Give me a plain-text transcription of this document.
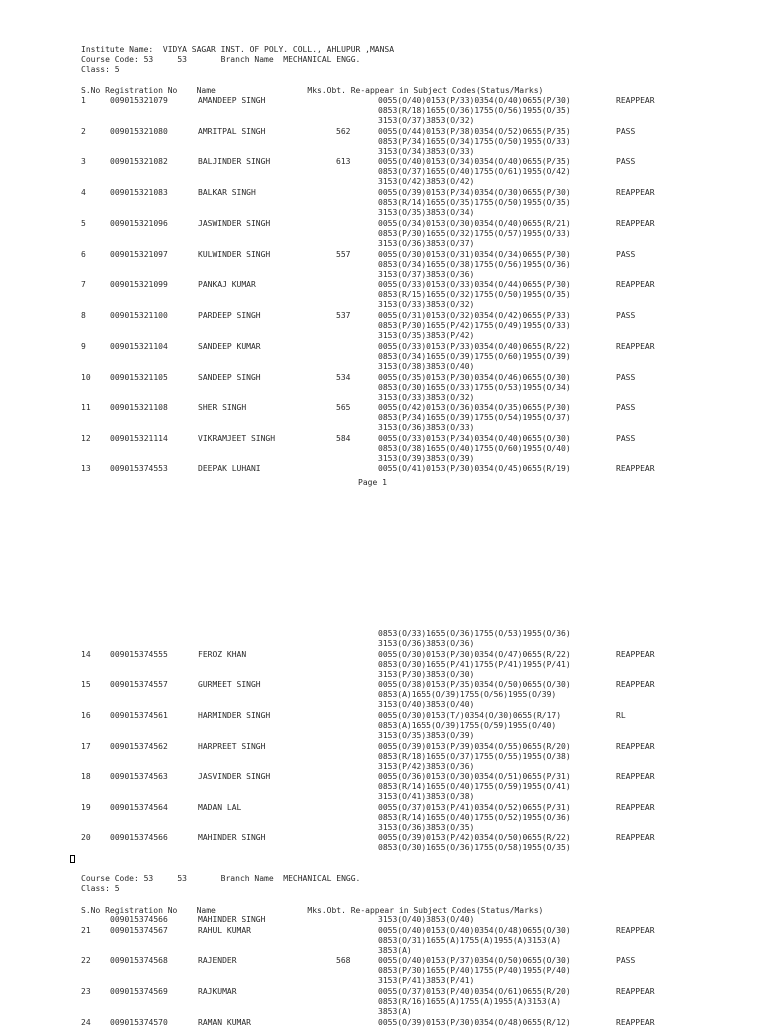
Institute Name:  VIDYA SAGAR INST. OF POLY. COLL., AHLUPUR ,MANSA
Course Code: 53     53       Branch Name  MECHANICAL ENGG.
Class: 5
S.No Registration No    Name                   Mks.Obt. Re-appear in Subject Codes(Status/Marks)
1	009015321079	AMANDEEP SINGH	0055(O/40)0153(P/33)0354(O/40)0655(P/30)
0853(R/18)1655(O/36)1755(O/56)1955(O/35)
3153(O/37)3853(O/32)
REAPPEAR
2	009015321080	AMRITPAL SINGH	562	0055(O/44)0153(P/38)0354(O/52)0655(P/35)
0853(P/34)1655(O/34)1755(O/50)1955(O/33)
3153(O/34)3853(O/33)
PASS
3	009015321082	BALJINDER SINGH	613	0055(O/40)0153(O/34)0354(O/40)0655(P/35)
0853(O/37)1655(O/40)1755(O/61)1955(O/42)
3153(O/42)3853(O/42)
PASS
4	009015321083	BALKAR SINGH	0055(O/39)0153(P/34)0354(O/30)0655(P/30)
0853(R/14)1655(O/35)1755(O/50)1955(O/35)
3153(O/35)3853(O/34)
REAPPEAR
5	009015321096	JASWINDER SINGH	0055(O/34)0153(O/30)0354(O/40)0655(R/21)
0853(P/30)1655(O/32)1755(O/57)1955(O/33)
3153(O/36)3853(O/37)
REAPPEAR
6	009015321097	KULWINDER SINGH	557	0055(O/30)0153(O/31)0354(O/34)0655(P/30)
0853(O/34)1655(O/38)1755(O/56)1955(O/36)
3153(O/37)3853(O/36)
PASS
7	009015321099	PANKAJ KUMAR	0055(O/33)0153(O/33)0354(O/44)0655(P/30)
0853(R/15)1655(O/32)1755(O/50)1955(O/35)
3153(O/33)3853(O/32)
REAPPEAR
8	009015321100	PARDEEP SINGH	537	0055(O/31)0153(O/32)0354(O/42)0655(P/33)
0853(P/30)1655(P/42)1755(O/49)1955(O/33)
3153(O/35)3853(P/42)
PASS
9	009015321104	SANDEEP KUMAR	0055(O/33)0153(P/33)0354(O/40)0655(R/22)
0853(O/34)1655(O/39)1755(O/60)1955(O/39)
3153(O/38)3853(O/40)
REAPPEAR
10 009015321105	SANDEEP SINGH	534	0055(O/35)0153(P/30)0354(O/46)0655(O/30)
0853(O/30)1655(O/33)1755(O/53)1955(O/34)
3153(O/33)3853(O/32)
PASS
11 009015321108	SHER SINGH	565	0055(O/42)0153(O/36)0354(O/35)0655(P/30)
0853(P/34)1655(O/39)1755(O/54)1955(O/37)
3153(O/36)3853(O/33)
PASS
12 009015321114	VIKRAMJEET SINGH	584	0055(O/33)0153(P/34)0354(O/40)0655(O/30)
0853(O/38)1655(O/40)1755(O/60)1955(O/40)
3153(O/39)3853(O/39)
PASS
13 009015374553	DEEPAK LUHANI	0055(O/41)0153(P/30)0354(O/45)0655(R/19)	REAPPEAR
14 009015374555	FEROZ KHAN	0055(O/30)0153(P/30)0354(O/47)0655(R/22)
0853(O/30)1655(P/41)1755(P/41)1955(P/41)
3153(P/30)3853(O/30)
REAPPEAR
15 009015374557	GURMEET SINGH	0055(O/38)0153(P/35)0354(O/50)0655(O/30)
0853(A)1655(O/39)1755(O/56)1955(O/39)
3153(O/40)3853(O/40)
REAPPEAR
16 009015374561	HARMINDER SINGH	0055(O/30)0153(T/)0354(O/30)0655(R/17)
0853(A)1655(O/39)1755(O/59)1955(O/40)
3153(O/35)3853(O/39)
RL
17 009015374562	HARPREET SINGH	0055(O/39)0153(P/39)0354(O/55)0655(R/20)
0853(R/18)1655(O/37)1755(O/55)1955(O/38)
3153(P/42)3853(O/36)
REAPPEAR
18 009015374563	JASVINDER SINGH	0055(O/36)0153(O/30)0354(O/51)0655(P/31)
0853(R/14)1655(O/40)1755(O/59)1955(O/41)
3153(O/41)3853(O/38)
REAPPEAR
19 009015374564	MADAN LAL	0055(O/37)0153(P/41)0354(O/52)0655(P/31)
0853(R/14)1655(O/40)1755(O/52)1955(O/36)
3153(O/36)3853(O/35)
REAPPEAR
20 009015374566	MAHINDER SINGH	0055(O/39)0153(P/42)0354(O/50)0655(R/22)
0853(O/30)1655(O/36)1755(O/58)1955(O/35)
REAPPEAR
21 009015374567	RAHUL KUMAR	0055(O/40)0153(O/40)0354(O/48)0655(O/30)
0853(O/31)1655(A)1755(A)1955(A)3153(A)
3853(A)
REAPPEAR
22 009015374568	RAJENDER	568	0055(O/40)0153(P/37)0354(O/50)0655(O/30)
0853(P/30)1655(P/40)1755(P/40)1955(P/40)
3153(P/41)3853(P/41)
PASS
23 009015374569	RAJKUMAR	0055(O/37)0153(P/40)0354(O/61)0655(R/20)
0853(R/16)1655(A)1755(A)1955(A)3153(A)
3853(A)
REAPPEAR
24 009015374570	RAMAN KUMAR	0055(O/39)0153(P/30)0354(O/48)0655(R/12)	REAPPEAR
Page 1
0853(O/33)1655(O/36)1755(O/53)1955(O/36)
3153(O/36)3853(O/36)
Course Code: 53     53       Branch Name  MECHANICAL ENGG.
Class: 5
S.No Registration No    Name                   Mks.Obt. Re-appear in Subject Codes(Status/Marks)
009015374566	MAHINDER SINGH	3153(O/40)3853(O/40)
